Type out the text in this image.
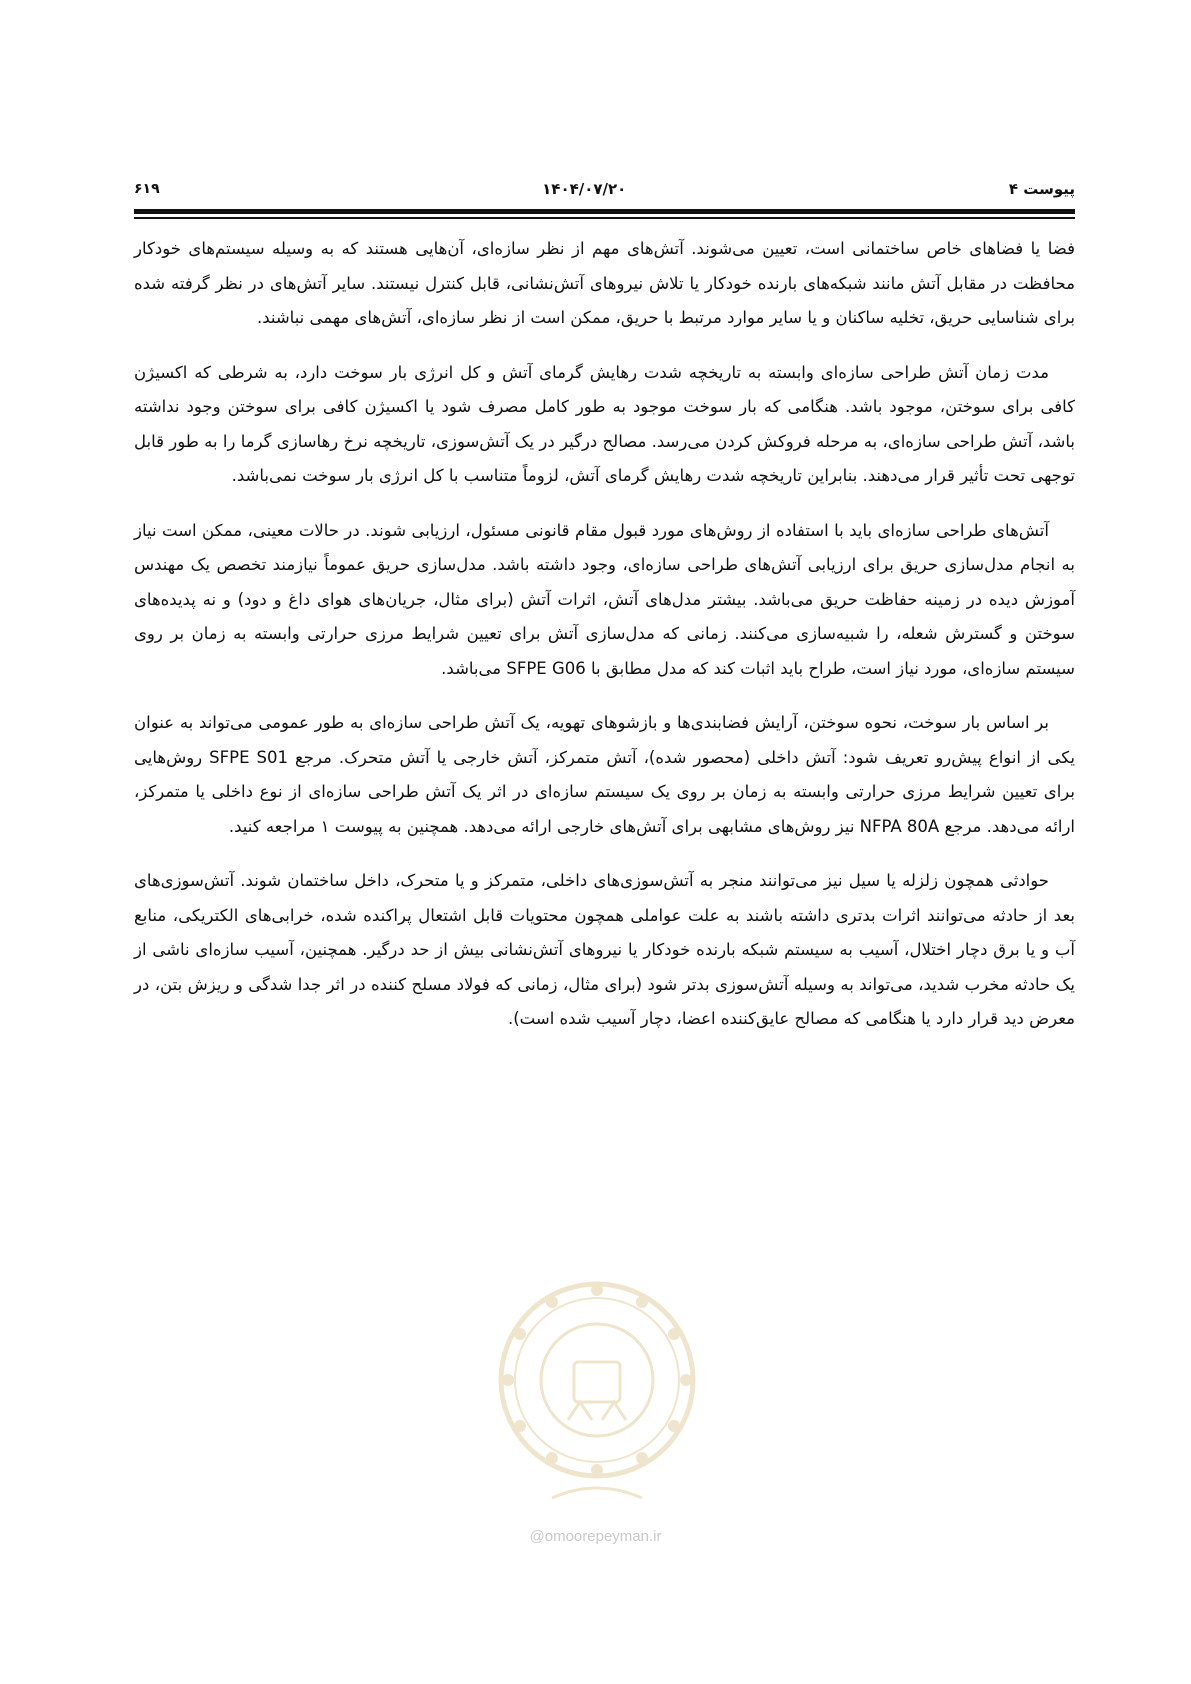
پیوست ۴
۱۴۰۴/۰۷/۲۰
۶۱۹

فضا یا فضاهای خاص ساختمانی است، تعیین می‌شوند. آتش‌های مهم از نظر سازه‌ای، آن‌هایی هستند که به وسیله سیستم‌های خودکار محافظت در مقابل آتش مانند شبکه‌های بارنده خودکار یا تلاش نیروهای آتش‌نشانی، قابل کنترل نیستند. سایر آتش‌های در نظر گرفته شده برای شناسایی حریق، تخلیه ساکنان و یا سایر موارد مرتبط با حریق، ممکن است از نظر سازه‌ای، آتش‌های مهمی نباشند.

مدت زمان آتش طراحی سازه‌ای وابسته به تاریخچه شدت رهایش گرمای آتش و کل انرژی بار سوخت دارد، به شرطی که اکسیژن کافی برای سوختن، موجود باشد. هنگامی که بار سوخت موجود به طور کامل مصرف شود یا اکسیژن کافی برای سوختن وجود نداشته باشد، آتش طراحی سازه‌ای، به مرحله فروکش کردن می‌رسد. مصالح درگیر در یک آتش‌سوزی، تاریخچه نرخ رهاسازی گرما را به طور قابل توجهی تحت تأثیر قرار می‌دهند. بنابراین تاریخچه شدت رهایش گرمای آتش، لزوماً متناسب با کل انرژی بار سوخت نمی‌باشد.

آتش‌های طراحی سازه‌ای باید با استفاده از روش‌های مورد قبول مقام قانونی مسئول، ارزیابی شوند. در حالات معینی، ممکن است نیاز به انجام مدل‌سازی حریق برای ارزیابی آتش‌های طراحی سازه‌ای، وجود داشته باشد. مدل‌سازی حریق عموماً نیازمند تخصص یک مهندس آموزش دیده در زمینه حفاظت حریق می‌باشد. بیشتر مدل‌های آتش، اثرات آتش (برای مثال، جریان‌های هوای داغ و دود) و نه پدیده‌های سوختن و گسترش شعله، را شبیه‌سازی می‌کنند. زمانی که مدل‌سازی آتش برای تعیین شرایط مرزی حرارتی وابسته به زمان بر روی سیستم سازه‌ای، مورد نیاز است، طراح باید اثبات کند که مدل مطابق با SFPE G06 می‌باشد.

بر اساس بار سوخت، نحوه سوختن، آرایش فضابندی‌ها و بازشوهای تهویه، یک آتش طراحی سازه‌ای به طور عمومی می‌تواند به عنوان یکی از انواع پیش‌رو تعریف شود: آتش داخلی (محصور شده)، آتش متمرکز، آتش خارجی یا آتش متحرک. مرجع SFPE S01 روش‌هایی برای تعیین شرایط مرزی حرارتی وابسته به زمان بر روی یک سیستم سازه‌ای در اثر یک آتش طراحی سازه‌ای از نوع داخلی یا متمرکز، ارائه می‌دهد. مرجع NFPA 80A نیز روش‌های مشابهی برای آتش‌های خارجی ارائه می‌دهد. همچنین به پیوست ۱ مراجعه کنید.

حوادثی همچون زلزله یا سیل نیز می‌توانند منجر به آتش‌سوزی‌های داخلی، متمرکز و یا متحرک، داخل ساختمان شوند. آتش‌سوزی‌های بعد از حادثه می‌توانند اثرات بدتری داشته باشند به علت عواملی همچون محتویات قابل اشتعال پراکنده شده، خرابی‌های الکتریکی، منابع آب و یا برق دچار اختلال، آسیب به سیستم شبکه بارنده خودکار یا نیروهای آتش‌نشانی بیش از حد درگیر. همچنین، آسیب سازه‌ای ناشی از یک حادثه مخرب شدید، می‌تواند به وسیله آتش‌سوزی بدتر شود (برای مثال، زمانی که فولاد مسلح کننده در اثر جدا شدگی و ریزش بتن، در معرض دید قرار دارد یا هنگامی که مصالح عایق‌کننده اعضا، دچار آسیب شده است).

@omoorepeyman.ir
